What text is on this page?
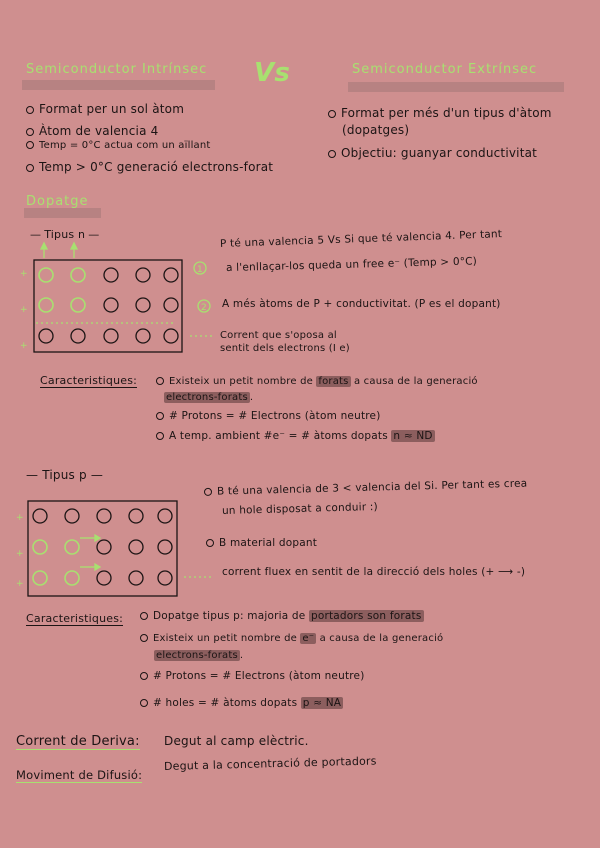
Semiconductor Intrínsec Vs	Semiconductor Extrínsec
Format per un sol àtom
Àtom de valencia 4
Temp = 0°C actua com un aïllant
Temp > 0°C generació electrons-forat
Format per més d'un tipus d'àtom
(dopatges)
Objectiu: guanyar conductivitat
Dopatge
— Tipus n —
+
+
+
+
+
+
1
2
P té una valencia 5 Vs Si que té valencia 4. Per tant
a l'enllaçar-los queda un free e⁻ (Temp > 0°C)
A més àtoms de P + conductivitat. (P es el dopant)
Corrent que s'oposa al
sentit dels electrons (I e)
Caracteristiques:	Existeix un petit nombre de forats a causa de la generació
electrons-forats .
# Protons = # Electrons (àtom neutre)
A temp. ambient #e⁻ = # àtoms dopats n ≈ ND
— Tipus p —
B té una valencia de 3 < valencia del Si. Per tant es crea
un hole disposat a conduir :)
B material dopant
corrent fluex en sentit de la direcció dels holes (+ ⟶ -)
Caracteristiques:	Dopatge tipus p: majoria de portadors son forats
Existeix un petit nombre de e⁻ a causa de la generació
electrons-forats .
# Protons = # Electrons (àtom neutre)
# holes = # àtoms dopats p ≈ NA
Corrent de Deriva: Degut al camp elèctric.
Moviment de Difusió:
Degut a la concentració de portadors
